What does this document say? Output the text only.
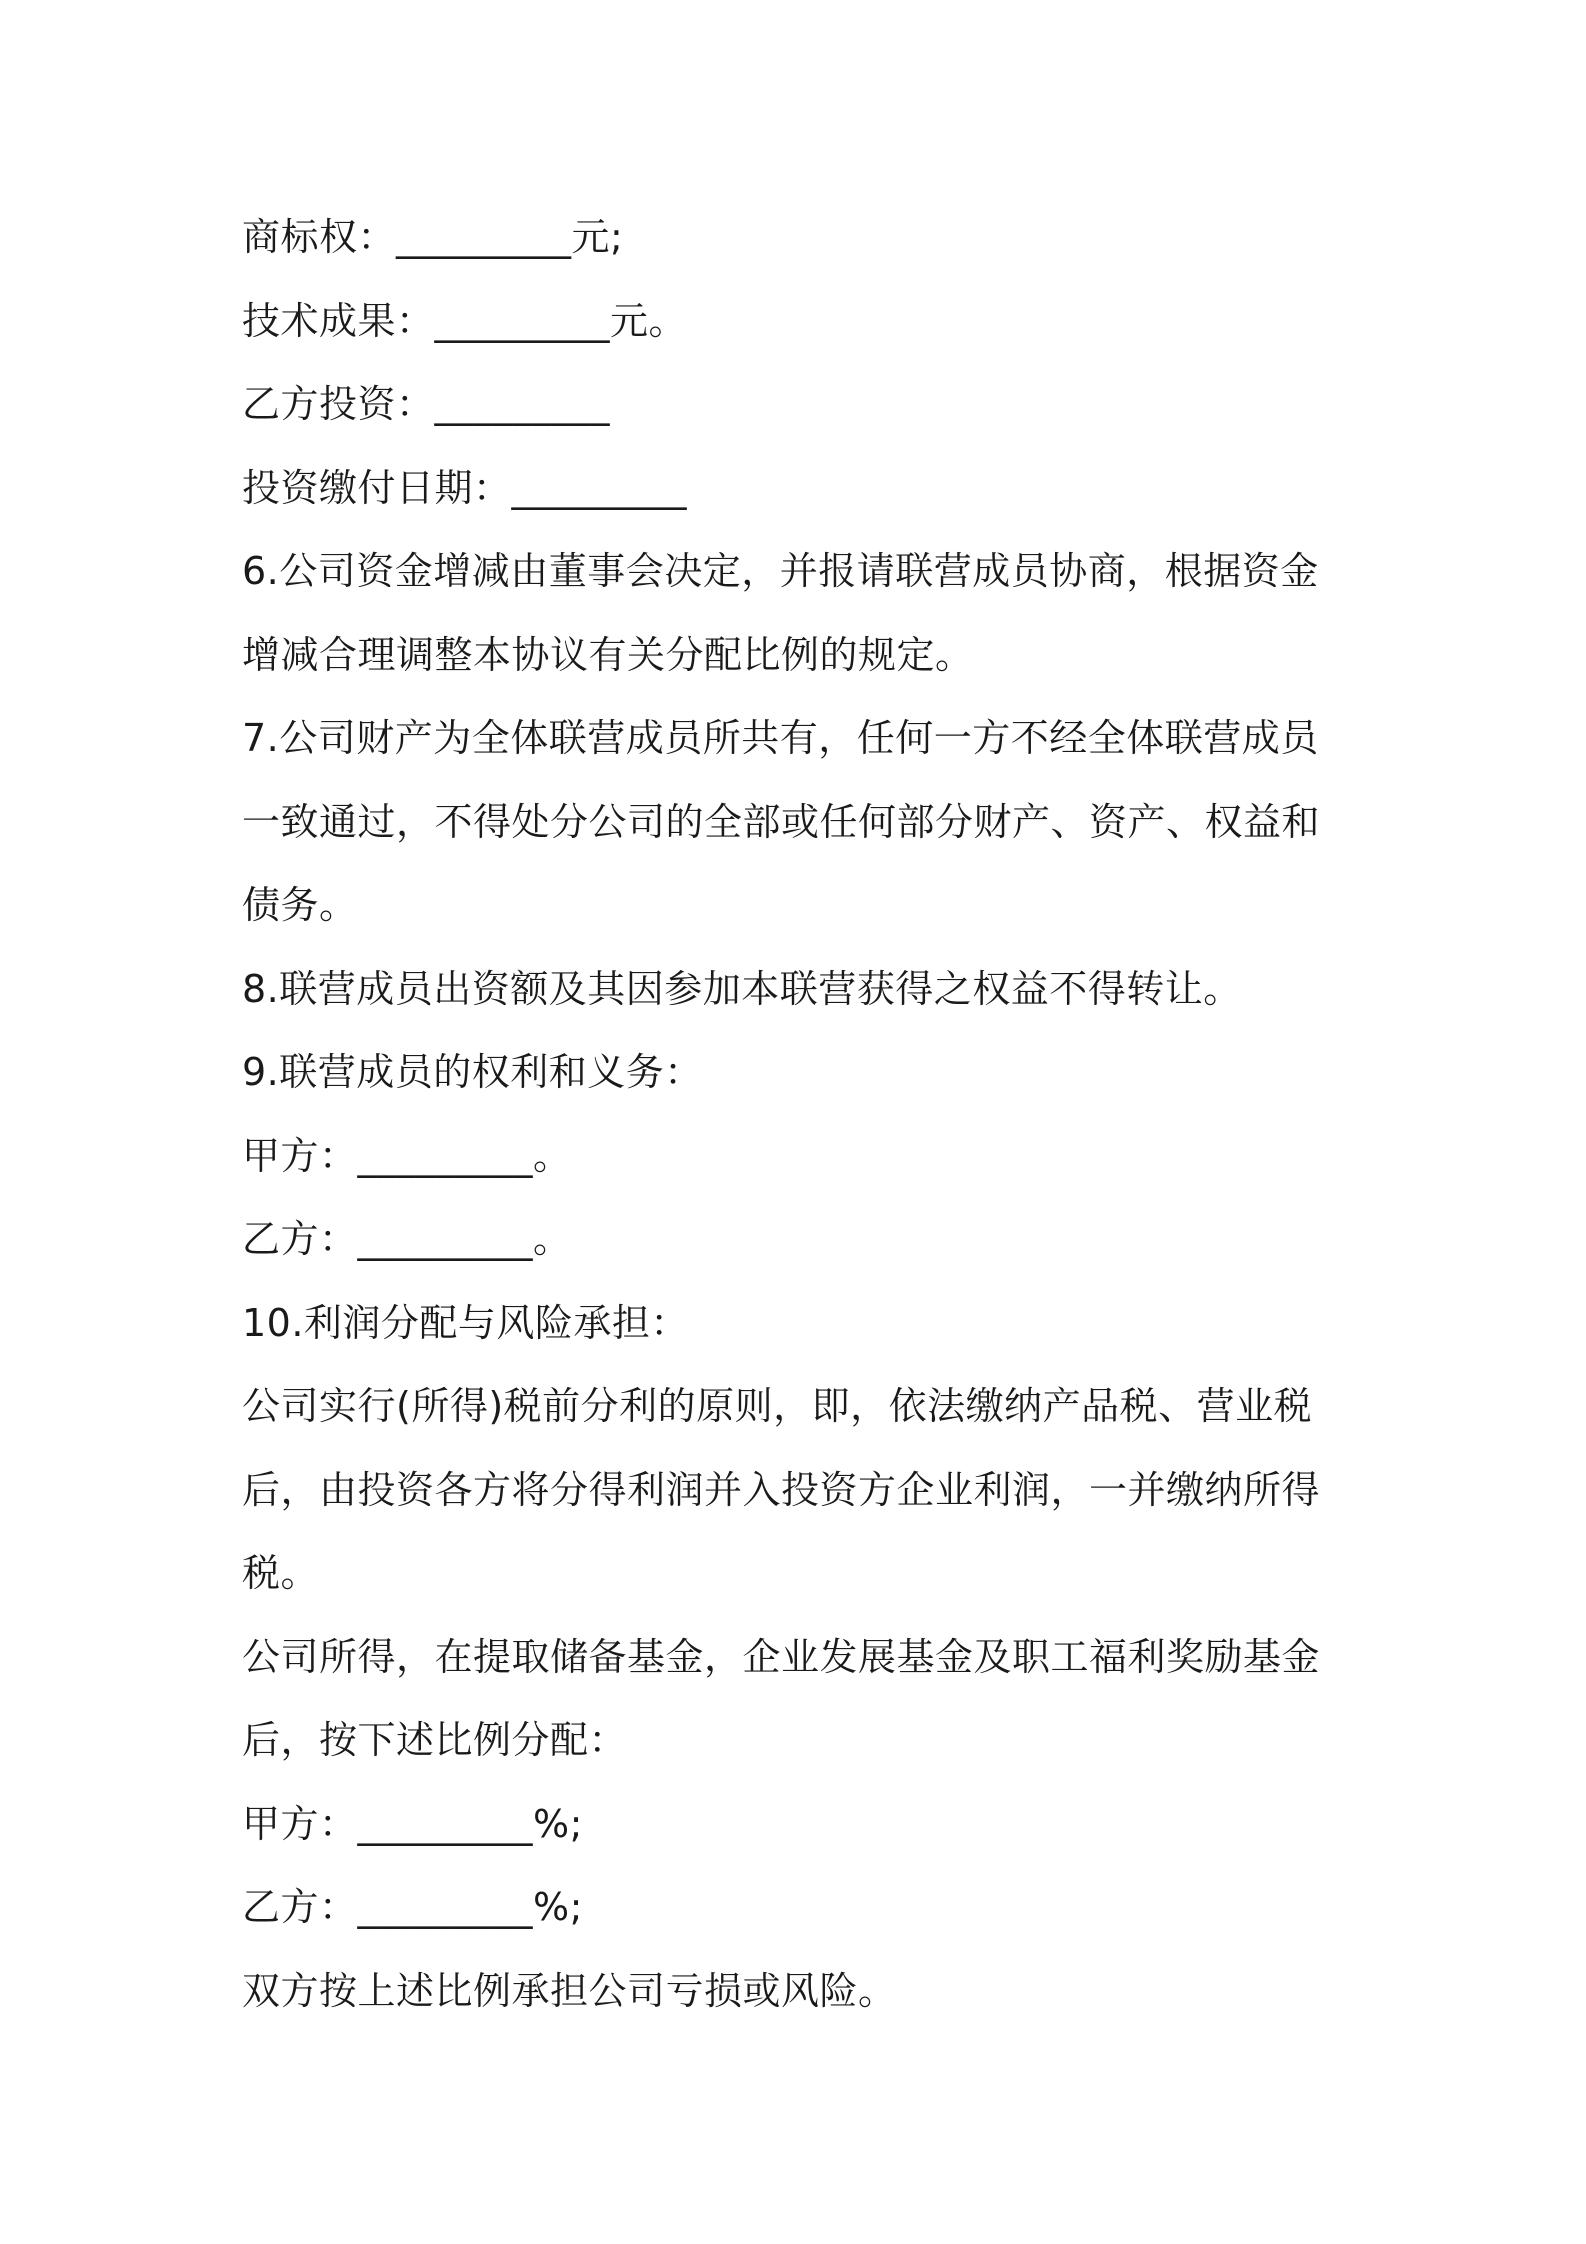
商标权：_________元;
技术成果：_________元。
乙方投资：_________
投资缴付日期：_________
6.公司资金增减由董事会决定，并报请联营成员协商，根据资金
增减合理调整本协议有关分配比例的规定。
7.公司财产为全体联营成员所共有，任何一方不经全体联营成员
一致通过，不得处分公司的全部或任何部分财产、资产、权益和
债务。
8.联营成员出资额及其因参加本联营获得之权益不得转让。
9.联营成员的权利和义务：
甲方：_________。
乙方：_________。
10.利润分配与风险承担：
公司实行(所得)税前分利的原则，即，依法缴纳产品税、营业税
后，由投资各方将分得利润并入投资方企业利润，一并缴纳所得
税。
公司所得，在提取储备基金，企业发展基金及职工福利奖励基金
后，按下述比例分配：
甲方：_________%;
乙方：_________%;
双方按上述比例承担公司亏损或风险。
